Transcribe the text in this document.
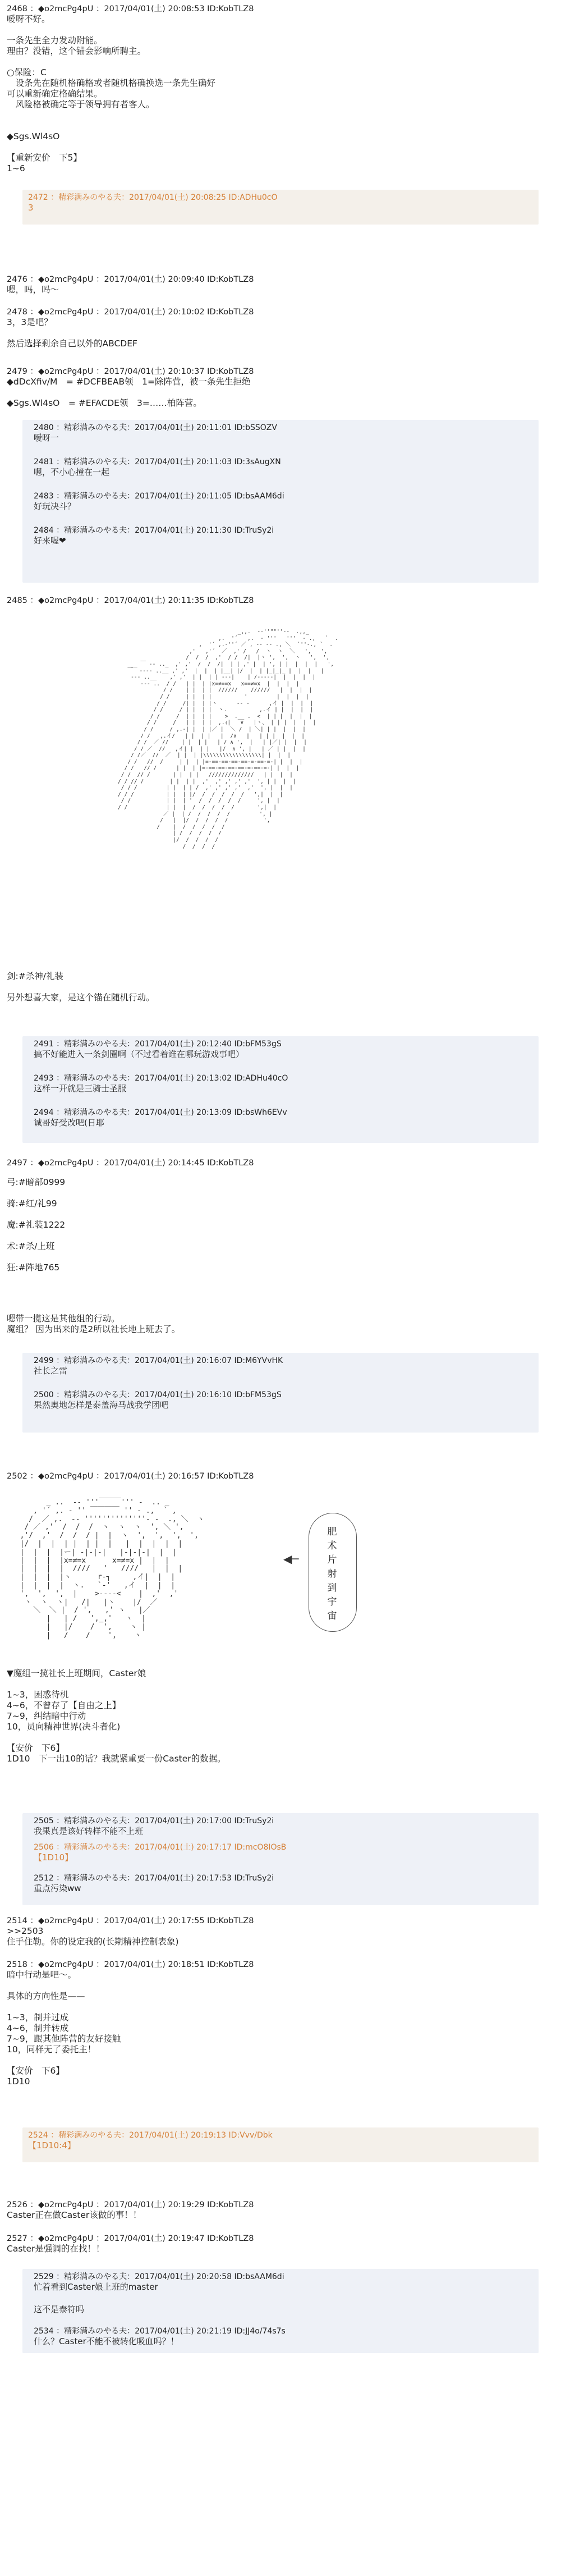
2468 ：◆o2mcPg4pU ：2017/04/01(土) 20:08:53 ID:KobTLZ8
嗳呀不好。

一条先生全力发动附能。
理由？没错，这个锚会影响所聘主。

○保险：C
　设条先在随机格确格或者随机格确换选一条先生确好
可以重新确定格确结果。
　风险格被确定等于领导拥有者客人。

◆Sgs.Wl4sO

【重新安价　下5】
1~6
2472 ：精彩满みのやる夫：2017/04/01(土) 20:08:25 ID:ADHu0cO
3
2476 ：◆o2mcPg4pU ：2017/04/01(土) 20:09:40 ID:KobTLZ8
嗯，吗，吗～
2478 ：◆o2mcPg4pU ：2017/04/01(土) 20:10:02 ID:KobTLZ8
3，3是吧？

然后选择剩余自己以外的ABCDEF
2479 ：◆o2mcPg4pU ：2017/04/01(土) 20:10:37 ID:KobTLZ8
◆dDcXfiv/M　= #DCFBEAB领　1=除阵营，被一条先生拒绝

◆Sgs.Wl4sO　= #EFACDE领　3=……柏阵营。
2480 ：精彩满みのやる夫：2017/04/01(土) 20:11:01 ID:bSSOZV
嗳呀一
2481 ：精彩满みのやる夫：2017/04/01(土) 20:11:03 ID:3sAugXN
嗯，不小心撞在一起
2483 ：精彩满みのやる夫：2017/04/01(土) 20:11:05 ID:bsAAM6di
好玩决斗？
2484 ：精彩满みのやる夫：2017/04/01(土) 20:11:30 ID:TruSy2i
好来喔❤
2485 ：◆o2mcPg4pU ：2017/04/01(土) 20:11:35 ID:KobTLZ8
_,,.  -‐''""''‐-  .,,_
,.  '´   ,.  ‐ '''   '''  ‐ .,   `  .
,  '´ ,.‐''´ ／ , -‐ ‐- ., ＼  `''‐., `  .
,'   ,'´  ／  ,' /   /  ヽ  ヽ  ＼   ',   ',
/  /  /  ,'  / /  /|  |ヽ ',  ',  ヽ   ',  ',
__ ￣ ‐- .._  ,' ,'  /  /  /|  | | ,' |  | ', | |  |  |  |   ',
￣  ‐‐-- ..__ ,' ,'  |  |  | |__| |/  |  | |_|_|_ |  |  |   |
‐-- ..__    ,' ,'  | |  | | ‐-‐|    | /‐-‐-‐|  |  |  |  |
‐-- ..  / /   | |  | |x=≠==x   x==≠=x  |  |  |  |
/ /    | |  | |  //////    //////   |  |  |  |
/ /     | |  | |          '         |  |  |  |
/ /     /| |  | |ヽ      -‐ -      ,イ |  |  |  |
/ /     / | |  | |  ヽ.          ,.イ | |  |  |  |
/ /     /  | |  | |    >  .__ .  <  | | |  |  |  |
/ /     /   | |  | |  ,.ｨ|   ∨   |ヽ、 | | |  |  |  |
/ /     / ,.-| |  | |／ |  ＼ /  | ＼| | |  |  |  |
/ /   ,.イ/   | |  | |   |  /∧   |   | | |  |  |  |
/ /  ／ //    | |  | |   | / ∧ ',  |   | |／| |  |  |
/ / ／  //   ,イ| |  | |   |/  ∧ ', |   | ／ | |  |  |
/ /／  //  ／  | |  | |\\\\\\\\\\\\\\\\\\| |  |  |
/ /   //  /     | |  | |=-==-==-==-==-=-==-=-| |  |  |
/ /   // /      | |  | |=-==-==-==-==-=-==-=-| |  |  |
/ /  // /       | |  | |   //////////////   | |  |  |
/ / // /        | |  | |  ,'  ,' ,' ,' ,'  ', | |  |  |
/ / /         | |  | | /  ,' ,' ,' ,'  ,'  ', |  |  |
/ / /          | |  | |/  /  /  /  /  /   ',|  |  |
/ /           | |  | '  /  /  /  /  /     ', |  |
/ /            | |  |  /  /  /  /  /       ',|  |
／ |  | /  /  /  /  /         ', |
/   |  |/  /  /  /  /           ',
/    |  /  /  /  /  /
| /  /  /  /  /
|/  /  /  /  /
/  /  /  /
剑:#杀神/礼装

另外想喜大家，是这个锚在随机行动。
2491 ：精彩满みのやる夫：2017/04/01(土) 20:12:40 ID:bFM53gS
搞不好能进入一条剑圈啊（不过看着谁在哪玩游戏事吧）
2493 ：精彩满みのやる夫：2017/04/01(土) 20:13:02 ID:ADHu40cO
这样一开就是三骑士圣服
2494 ：精彩满みのやる夫：2017/04/01(土) 20:13:09 ID:bsWh6EVv
诚哥好受改吧(日耶
2497 ：◆o2mcPg4pU ：2017/04/01(土) 20:14:45 ID:KobTLZ8
弓:#暗部0999

骑:#红/礼99

魔:#礼装1222

术:#杀/上班

狂:#阵地765
嗯带一揽这是其他组的行动。
魔组？ 因为出来的是2所以社长地上班去了。
2499 ：精彩满みのやる夫：2017/04/01(土) 20:16:07 ID:M6YVvHK
社长之雷
2500 ：精彩满みのやる夫：2017/04/01(土) 20:16:10 ID:bFM53gS
果然奥地怎样是泰盖海马战我学团吧
2502 ：◆o2mcPg4pU ：2017/04/01(土) 20:16:57 ID:KobTLZ8
_ ..  -‐ '''￣￣￣''' ‐  .. _
, '´ ,. ‐ '' ￣￣￣￣ '' ‐ .,  ` ,
/  ／ ,.  -‐ ''''''''''''''‐ -  ., ＼  ヽ
/ ／ ,'  /  /  /  ヽ  ヽ  ヽ  ', ＼ ',
,'/  ,'  /  /  / |  |  ヽ  ',  ',  ',  ',
|/  |  |  | |  | |  |   |  |  |  |  |
|  |  |  |ー| ‐|-|-|   |-|‐|‐|  |  |
|  |  |  |x=≠=x      x=≠=x |  |  |
|  |  |  |  ////   '   ////   |  |  |
|  |  |  |ヽ      r‐┐     ,イ|  |  |
|  |  |  |  ヽ.   `‐'   ,イ  |  |  |
',  ',  ',  |    >‐--‐<    |  ,'  ,'
ヽ  ヽ  ヽ|   /|   |ヽ    |/  ／
＼  ＼ |  / ',   ,' ヽ   |／
|   | /   ',_,'   ヽ  |
|   |/    /  ',    ヽ |
|   /    /    ',    ヽ
◀─
肥
术
片
射
到
宇
宙
▼魔组一揽社长上班期间，Caster娘

1~3，困惑待机
4~6，不曾存了【自由之上】
7~9，纠结暗中行动
10，员向精神世界(决斗者化)

【安价　下6】
1D10　下一出10的话？我就紧重要一份Caster的数据。
2505 ：精彩满みのやる夫：2017/04/01(土) 20:17:00 ID:TruSy2i
我果真是该好转样不能不上班
2506 ：精彩满みのやる夫：2017/04/01(土) 20:17:17 ID:mcO8IOsB
【1D10】
2512 ：精彩满みのやる夫：2017/04/01(土) 20:17:53 ID:TruSy2i
重点污染ww
2514 ：◆o2mcPg4pU ：2017/04/01(土) 20:17:55 ID:KobTLZ8
>>2503
住手住勒。你的设定我的(长期精神控制表象)
2518 ：◆o2mcPg4pU ：2017/04/01(土) 20:18:51 ID:KobTLZ8
暗中行动是吧～。

具体的方向性是——

1~3，制并过成
4~6，制并转成
7~9，跟其他阵营的友好接触
10，同样无了委托主！

【安价　下6】
1D10
2524 ：精彩满みのやる夫：2017/04/01(土) 20:19:13 ID:Vvv/Dbk
【1D10:4】
2526 ：◆o2mcPg4pU ：2017/04/01(土) 20:19:29 ID:KobTLZ8
Caster正在做Caster该做的事！！
2527 ：◆o2mcPg4pU ：2017/04/01(土) 20:19:47 ID:KobTLZ8
Caster是强调的在找！！
2529 ：精彩满みのやる夫：2017/04/01(土) 20:20:58 ID:bsAAM6di
忙着看到Caster娘上班的master
这不是泰符吗
2534 ：精彩满みのやる夫：2017/04/01(土) 20:21:19 ID:JJ4o/74s7s
什么？Caster不能不被转化吸血吗？！
